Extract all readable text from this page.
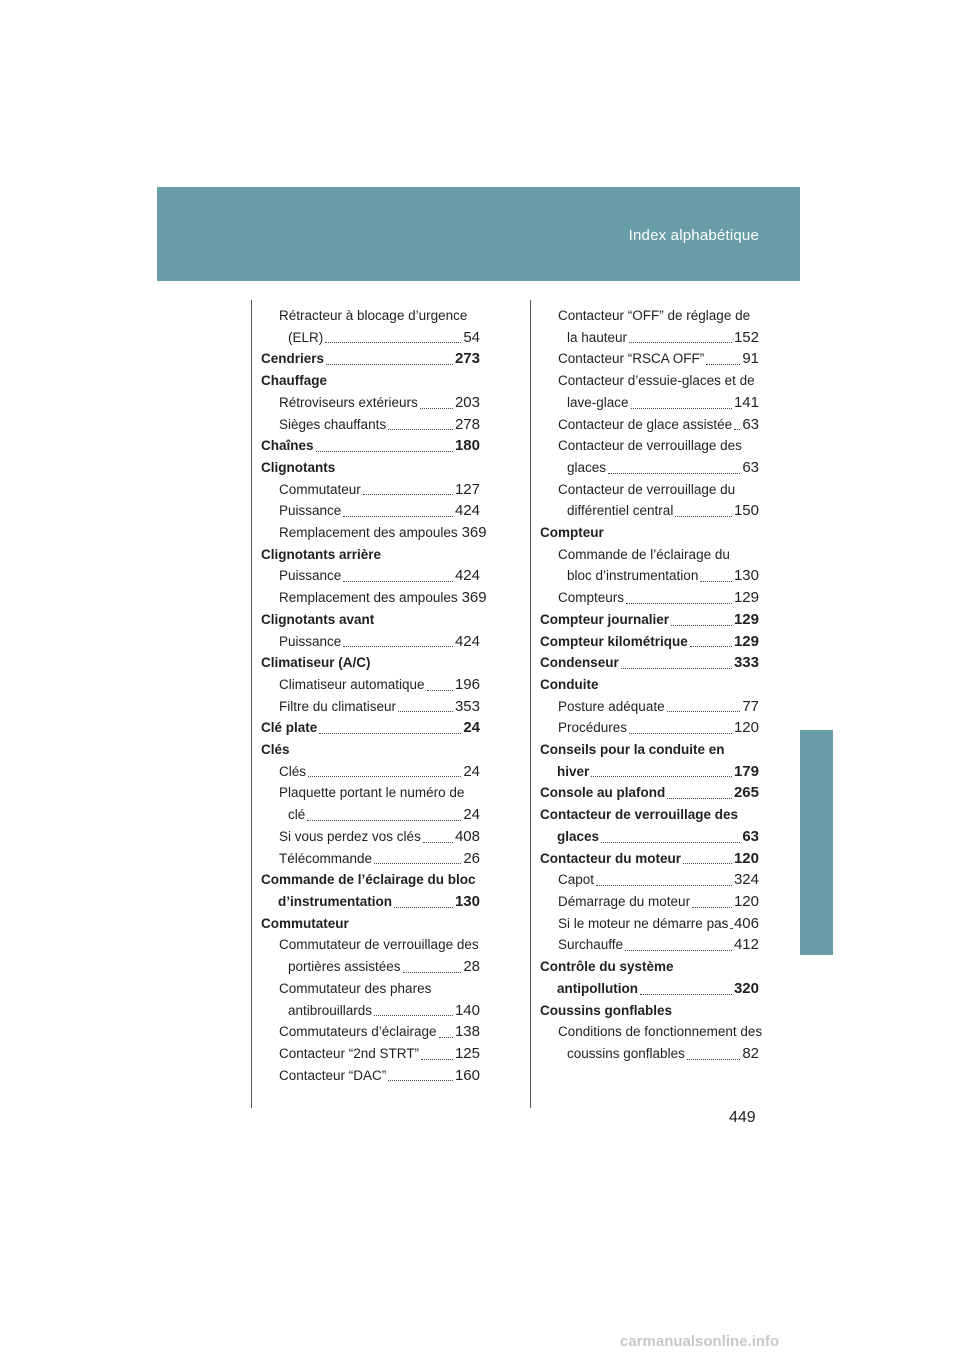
Index alphabétique
Rétracteur à blocage d’urgence
(ELR)	54
Cendriers	273
Chauffage
Rétroviseurs extérieurs 203
Sièges chauffants	278
Chaînes	180
Clignotants
Commutateur	127
Puissance	424
Remplacement des ampoules 369
Clignotants arrière
Puissance	424
Remplacement des ampoules 369
Clignotants avant
Puissance	424
Climatiseur (A/C)
Climatiseur automatique 196
Filtre du climatiseur	353
Clé plate	24
Clés
Clés	24
Plaquette portant le numéro de
clé	24
Si vous perdez vos clés 408
Télécommande	26
Commande de l’éclairage du bloc
d’instrumentation	130
Commutateur
Commutateur de verrouillage des
portières assistées	28
Commutateur des phares
antibrouillards	140
Commutateurs d’éclairage 138
Contacteur “2nd STRT” 125
Contacteur “DAC”	160
Contacteur “OFF” de réglage de
la hauteur	152
Contacteur “RSCA OFF”	91
Contacteur d’essuie-glaces et de
lave-glace	141
Contacteur de glace assistée 63
Contacteur de verrouillage des
glaces	63
Contacteur de verrouillage du
différentiel central	150
Compteur
Commande de l’éclairage du
bloc d’instrumentation 130
Compteurs	129
Compteur journalier	129
Compteur kilométrique	129
Condenseur	333
Conduite
Posture adéquate	77
Procédures	120
Conseils pour la conduite en
hiver	179
Console au plafond	265
Contacteur de verrouillage des
glaces	63
Contacteur du moteur	120
Capot	324
Démarrage du moteur	120
Si le moteur ne démarre pas 406
Surchauffe	412
Contrôle du système
antipollution	320
Coussins gonflables
Conditions de fonctionnement des
coussins gonflables	82
449
carmanualsonline.info
